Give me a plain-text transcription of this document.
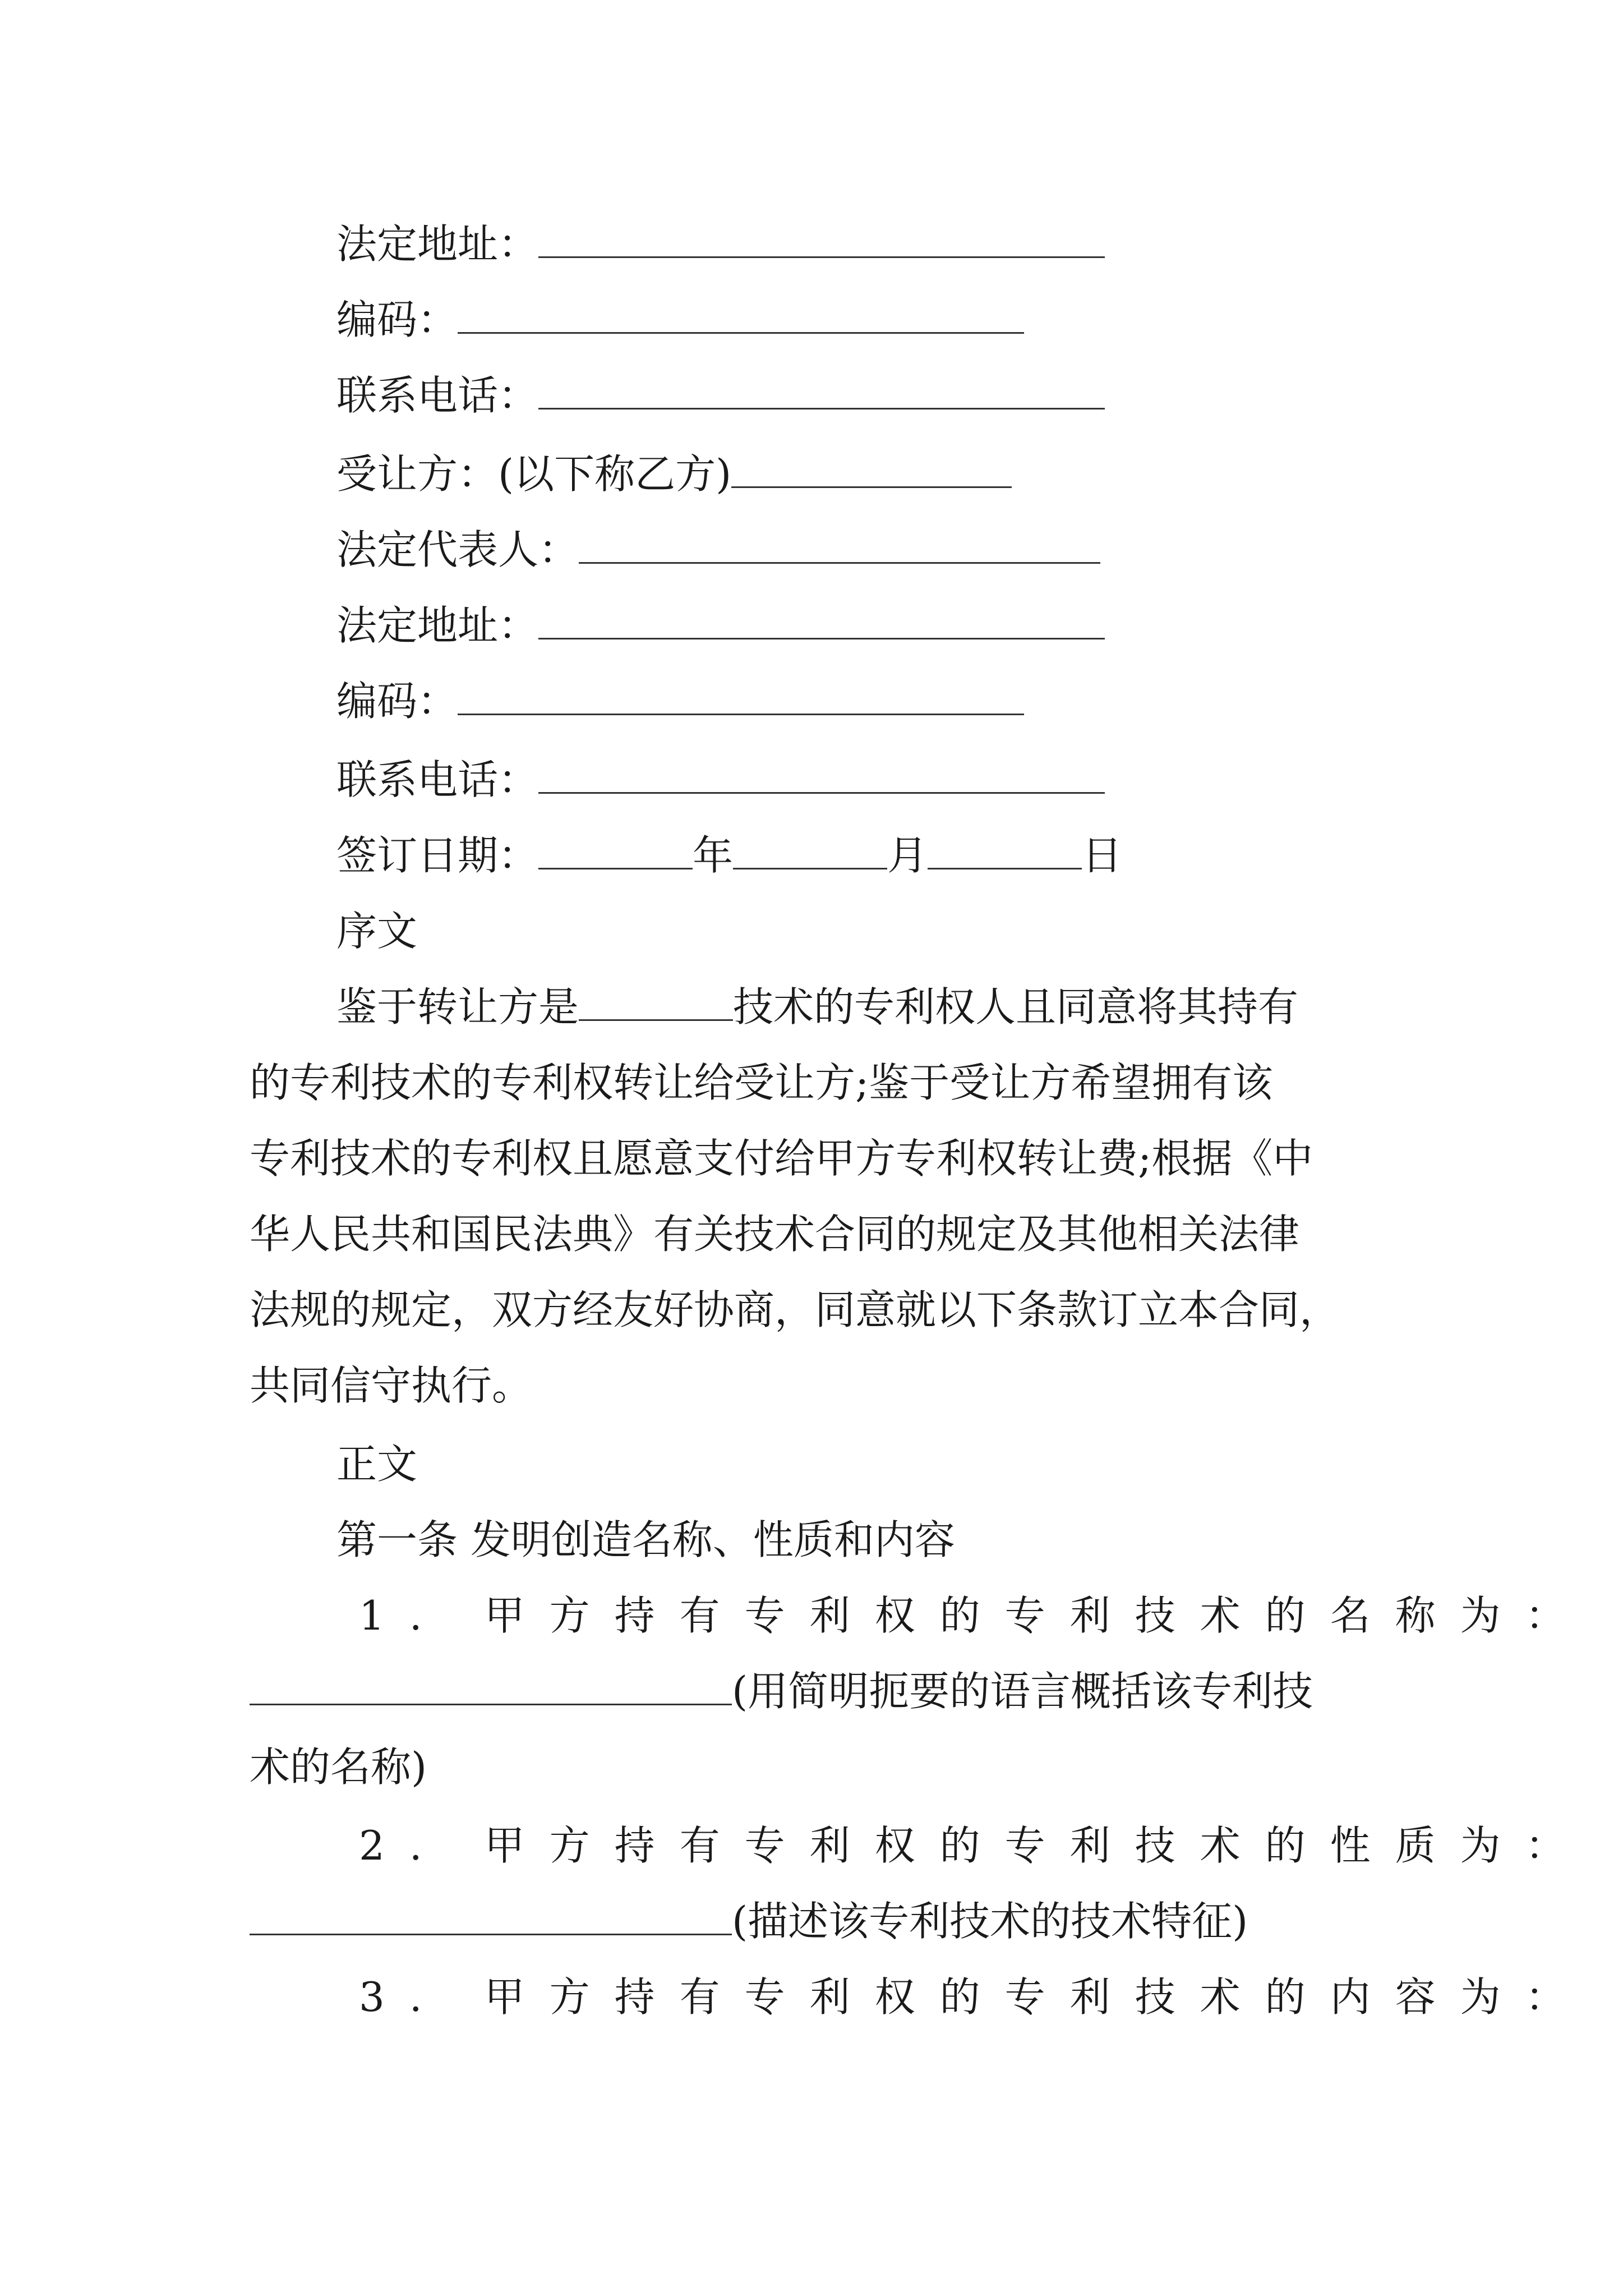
法定地址：
编码：
联系电话：
受让方：(以下称乙方)
法定代表人：
法定地址：
编码：
联系电话：
签订日期：	年	月	日
序文
鉴于转让方是	技术的专利权人且同意将其持有
的专利技术的专利权转让给受让方;鉴于受让方希望拥有该
专利技术的专利权且愿意支付给甲方专利权转让费;根据《中
华人民共和国民法典》有关技术合同的规定及其他相关法律
法规的规定，双方经友好协商，同意就以下条款订立本合同，
共同信守执行。
正文
第一条 发明创造名称、性质和内容
1. 甲方持有专利权的专利技术的名称为：
(用简明扼要的语言概括该专利技
术的名称)
2. 甲方持有专利权的专利技术的性质为：
(描述该专利技术的技术特征)
3. 甲方持有专利权的专利技术的内容为：
